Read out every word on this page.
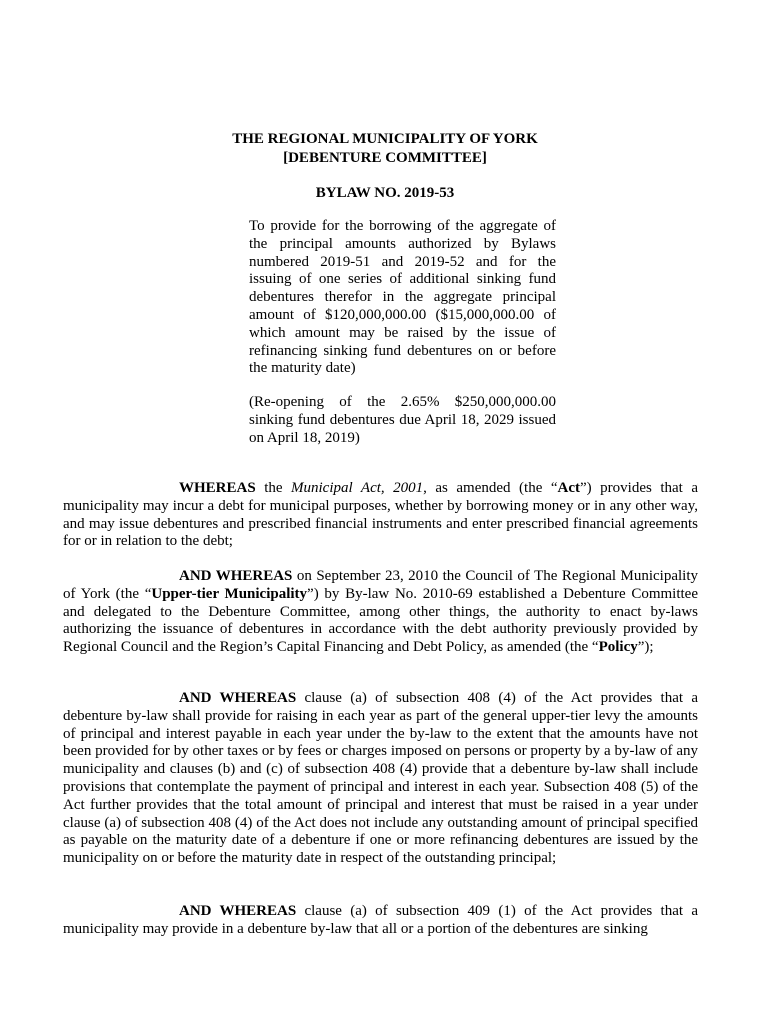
THE REGIONAL MUNICIPALITY OF YORK
[DEBENTURE COMMITTEE]
BYLAW NO. 2019-53
To provide for the borrowing of the aggregate of the principal amounts authorized by Bylaws numbered 2019-51 and 2019-52 and for the issuing of one series of additional sinking fund debentures therefor in the aggregate principal amount of $120,000,000.00 ($15,000,000.00 of which amount may be raised by the issue of refinancing sinking fund debentures on or before the maturity date)
(Re-opening of the 2.65% $250,000,000.00 sinking fund debentures due April 18, 2029 issued on April 18, 2019)
WHEREAS the Municipal Act, 2001, as amended (the “Act”) provides that a municipality may incur a debt for municipal purposes, whether by borrowing money or in any other way, and may issue debentures and prescribed financial instruments and enter prescribed financial agreements for or in relation to the debt;
AND WHEREAS on September 23, 2010 the Council of The Regional Municipality of York (the “Upper-tier Municipality”) by By-law No. 2010-69 established a Debenture Committee and delegated to the Debenture Committee, among other things, the authority to enact by-laws authorizing the issuance of debentures in accordance with the debt authority previously provided by Regional Council and the Region’s Capital Financing and Debt Policy, as amended (the “Policy”);
AND WHEREAS clause (a) of subsection 408 (4) of the Act provides that a debenture by-law shall provide for raising in each year as part of the general upper-tier levy the amounts of principal and interest payable in each year under the by-law to the extent that the amounts have not been provided for by other taxes or by fees or charges imposed on persons or property by a by-law of any municipality and clauses (b) and (c) of subsection 408 (4) provide that a debenture by-law shall include provisions that contemplate the payment of principal and interest in each year. Subsection 408 (5) of the Act further provides that the total amount of principal and interest that must be raised in a year under clause (a) of subsection 408 (4) of the Act does not include any outstanding amount of principal specified as payable on the maturity date of a debenture if one or more refinancing debentures are issued by the municipality on or before the maturity date in respect of the outstanding principal;
AND WHEREAS clause (a) of subsection 409 (1) of the Act provides that a municipality may provide in a debenture by-law that all or a portion of the debentures are sinking
